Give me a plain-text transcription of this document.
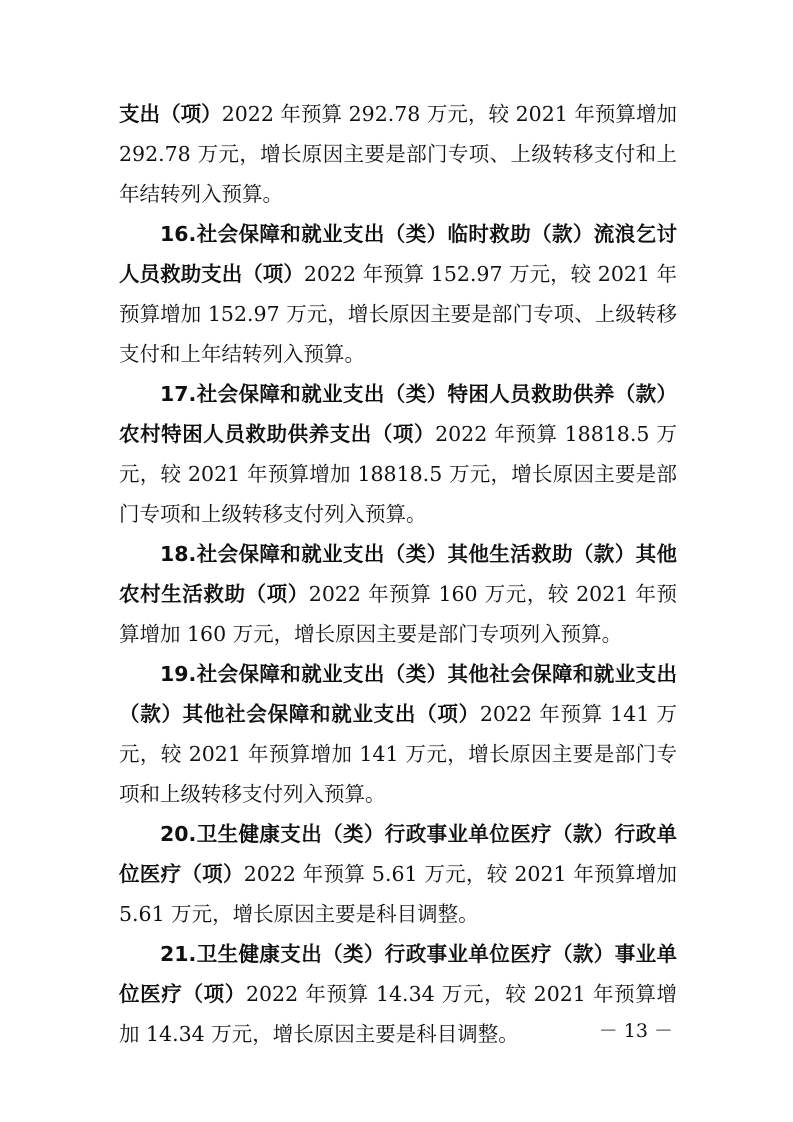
支出（项）2022 年预算 292.78 万元，较 2021 年预算增加 292.78 万元，增长原因主要是部门专项、上级转移支付和上年结转列入预算。

16.社会保障和就业支出（类）临时救助（款）流浪乞讨人员救助支出（项）2022 年预算 152.97 万元，较 2021 年预算增加 152.97 万元，增长原因主要是部门专项、上级转移支付和上年结转列入预算。

17.社会保障和就业支出（类）特困人员救助供养（款）农村特困人员救助供养支出（项）2022 年预算 18818.5 万元，较 2021 年预算增加 18818.5 万元，增长原因主要是部门专项和上级转移支付列入预算。

18.社会保障和就业支出（类）其他生活救助（款）其他农村生活救助（项）2022 年预算 160 万元，较 2021 年预算增加 160 万元，增长原因主要是部门专项列入预算。

19.社会保障和就业支出（类）其他社会保障和就业支出（款）其他社会保障和就业支出（项）2022 年预算 141 万元，较 2021 年预算增加 141 万元，增长原因主要是部门专项和上级转移支付列入预算。

20.卫生健康支出（类）行政事业单位医疗（款）行政单位医疗（项）2022 年预算 5.61 万元，较 2021 年预算增加 5.61 万元，增长原因主要是科目调整。

21.卫生健康支出（类）行政事业单位医疗（款）事业单位医疗（项）2022 年预算 14.34 万元，较 2021 年预算增加 14.34 万元，增长原因主要是科目调整。	－ 13 －
